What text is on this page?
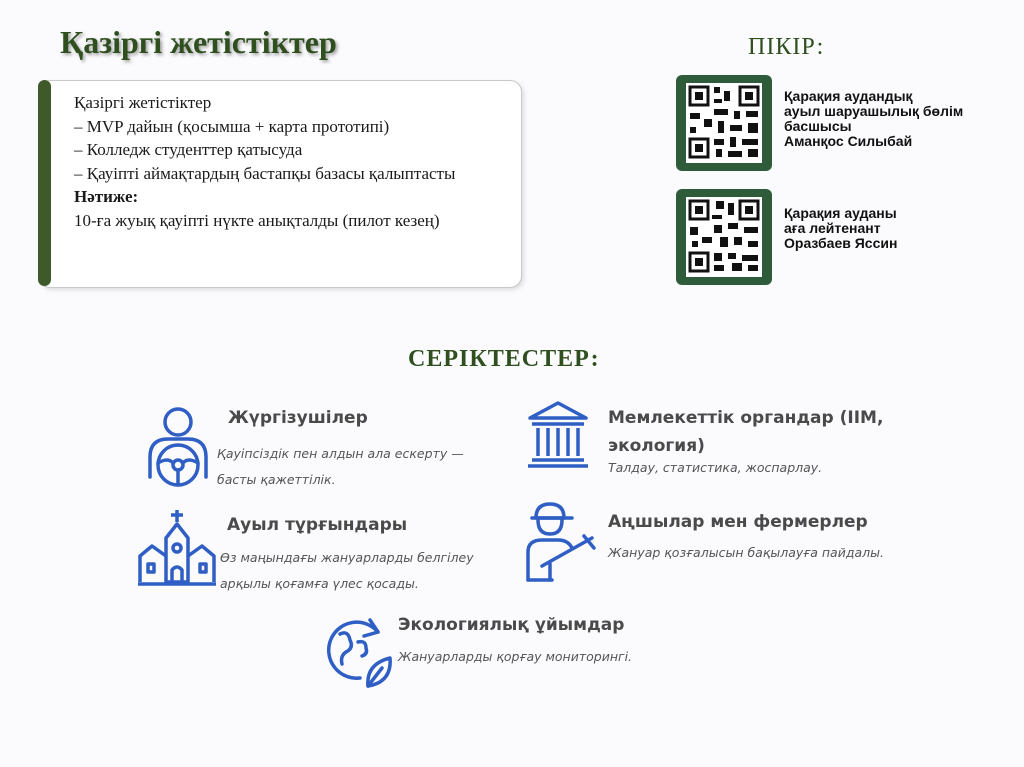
Қазіргі жетістіктер
Қазіргі жетістіктер
– MVP дайын (қосымша + карта прототипі)
– Колледж студенттер қатысуда
– Қауіпті аймақтардың бастапқы базасы қалыптасты
Нәтиже:
10-ға жуық қауіпті нүкте анықталды (пилот кезең)
ПІКІР:
Қарақия аудандық
ауыл шаруашылық бөлім
басшысы
Аманқос Силыбай
Қарақия ауданы
аға лейтенант
Оразбаев Яссин
СЕРІКТЕСТЕР:
Жүргізушілер
Қауіпсіздік пен алдын ала ескерту —
басты қажеттілік.
Ауыл тұрғындары
Өз маңындағы жануарларды белгілеу
арқылы қоғамға үлес қосады.
Мемлекеттік органдар (ІІМ,
экология)
Талдау, статистика, жоспарлау.
Аңшылар мен фермерлер
Жануар қозғалысын бақылауға пайдалы.
Экологиялық ұйымдар
Жануарларды қорғау мониторингі.
